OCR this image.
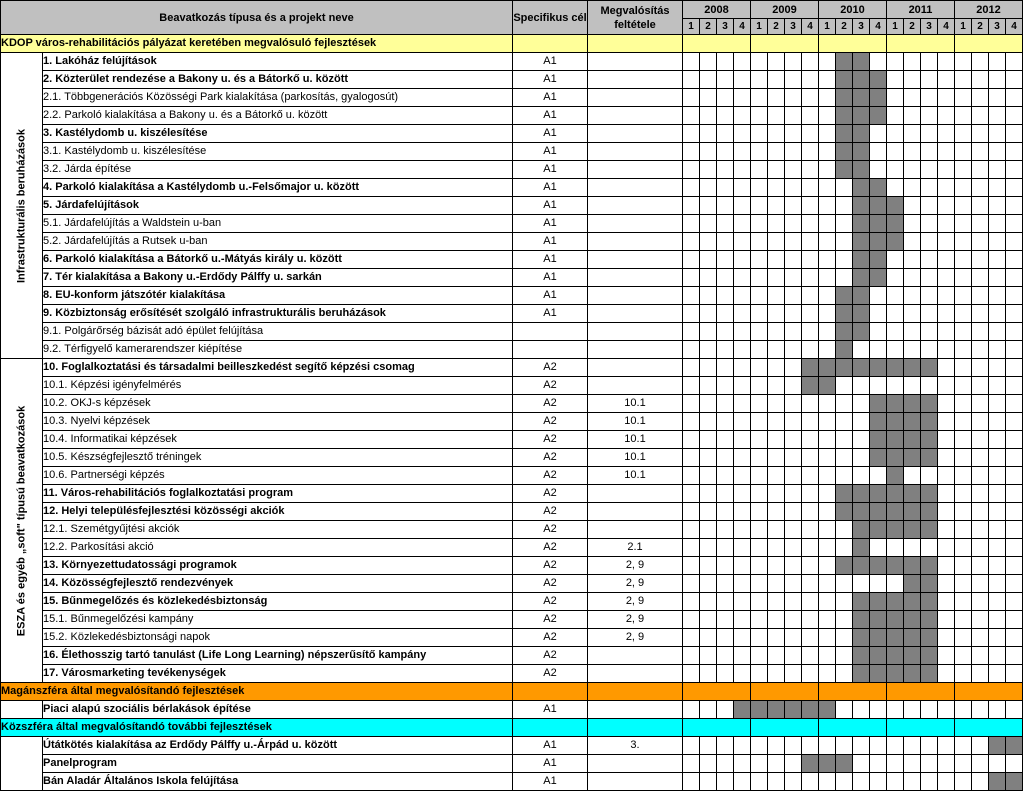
Beavatkozás típusa és a projekt neve		Specifikus cél	Megvalósítás feltétele	2008				2009				2010				2011				2012			
				1	2	3	4	1	2	3	4	1	2	3	4	1	2	3	4	1	2	3	4
KDOP város-rehabilitációs pályázat keretében megvalósuló fejlesztések																							

Infrastrukturális beruházások	1. Lakóház felújítások	A1																					
	2. Közterület rendezése a Bakony u. és a Bátorkő u. között	A1																					
	2.1. Többgenerációs Közösségi Park kialakítása (parkosítás, gyalogosút)	A1																					
	2.2. Parkoló kialakítása a Bakony u. és a Bátorkő u. között	A1																					
	3. Kastélydomb u. kiszélesítése	A1																					
	3.1. Kastélydomb u. kiszélesítése	A1																					
	3.2. Járda építése	A1																					
	4. Parkoló kialakítása a Kastélydomb u.-Felsőmajor u. között	A1																					
	5. Járdafelújítások	A1																					
	5.1. Járdafelújítás a Waldstein u-ban	A1																					
	5.2. Járdafelújítás a Rutsek u-ban	A1																					
	6. Parkoló kialakítása a Bátorkő u.-Mátyás király u. között	A1																					
	7. Tér kialakítása a Bakony u.-Erdődy Pálffy u. sarkán	A1																					
	8. EU-konform játszótér kialakítása	A1																					
	9. Közbiztonság erősítését szolgáló infrastrukturális beruházások	A1																					
	9.1. Polgárőrség bázisát adó épület felújítása																						
	9.2. Térfigyelő kamerarendszer kiépítése																						

ESZA és egyéb „soft" típusú beavatkozások	10. Foglalkoztatási és társadalmi beilleszkedést segítő képzési csomag	A2																					
	10.1. Képzési igényfelmérés	A2																					
	10.2. OKJ-s képzések	A2	10.1																				
	10.3. Nyelvi képzések	A2	10.1																				
	10.4. Informatikai képzések	A2	10.1																				
	10.5. Készségfejlesztő tréningek	A2	10.1																				
	10.6. Partnerségi képzés	A2	10.1																				
	11. Város-rehabilitációs foglalkoztatási program	A2																					
	12. Helyi településfejlesztési közösségi akciók	A2																					
	12.1. Szemétgyűjtési akciók	A2																					
	12.2. Parkosítási akció	A2	2.1																				
	13. Környezettudatossági programok	A2	2, 9																				
	14. Közösségfejlesztő rendezvények	A2	2, 9																				
	15. Bűnmegelőzés és közlekedésbiztonság	A2	2, 9																				
	15.1. Bűnmegelőzési kampány	A2	2, 9																				
	15.2. Közlekedésbiztonsági napok	A2	2, 9																				
	16. Élethosszig tartó tanulást (Life Long Learning) népszerűsítő kampány	A2																					
	17. Városmarketing tevékenységek	A2																					
Magánszféra által megvalósítandó fejlesztések																							
	Piaci alapú szociális bérlakások építése	A1																					
Közszféra által megvalósítandó további fejlesztések																							
	Útátkötés kialakítása az Erdődy Pálffy u.-Árpád u. között	A1	3.																				
	Panelprogram	A1																					
	Bán Aladár Általános Iskola felújítása	A1																					
